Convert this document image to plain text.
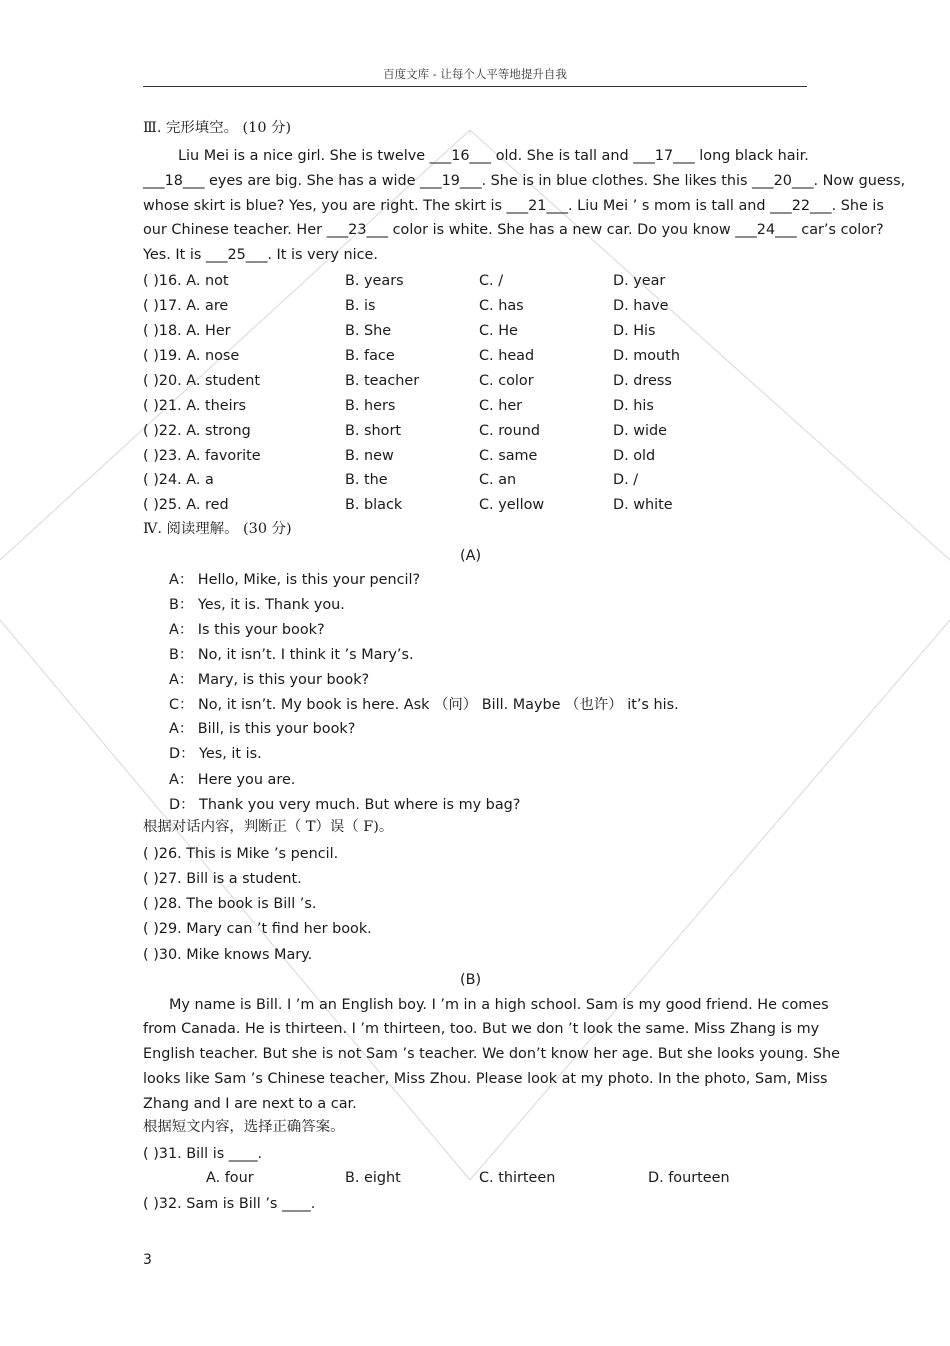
百度文库 - 让每个人平等地提升自我
Ⅲ. 完形填空。 (10 分)
Liu Mei is a nice girl. She is twelve ___16___ old. She is tall and ___17___ long black hair.
___18___ eyes are big. She has a wide ___19___. She is in blue clothes. She likes this ___20___. Now guess,
whose skirt is blue? Yes, you are right. The skirt is ___21___. Liu Mei ’ s mom is tall and ___22___. She is
our Chinese teacher. Her ___23___ color is white. She has a new car. Do you know ___24___ car’s color?
Yes. It is ___25___. It is very nice.
( )16. A. not	B. years	C. /	D. year
( )17. A. are	B. is	C. has	D. have
( )18. A. Her	B. She	C. He	D. His
( )19. A. nose	B. face	C. head	D. mouth
( )20. A. student	B. teacher	C. color	D. dress
( )21. A. theirs	B. hers	C. her	D. his
( )22. A. strong	B. short	C. round	D. wide
( )23. A. favorite	B. new	C. same	D. old
( )24. A. a	B. the	C. an	D. /
( )25. A. red	B. black	C. yellow	D. white
Ⅳ. 阅读理解。 (30 分)
(A)
A： Hello, Mike, is this your pencil?
B： Yes, it is. Thank you.
A： Is this your book?
B： No, it isn’t. I think it ’s Mary’s.
A： Mary, is this your book?
C： No, it isn’t. My book is here. Ask （问） Bill. Maybe （也许） it’s his.
A： Bill, is this your book?
D： Yes, it is.
A： Here you are.
D： Thank you very much. But where is my bag?
根据对话内容，判断正（ T）误（ F)。
( )26. This is Mike ’s pencil.
( )27. Bill is a student.
( )28. The book is Bill ’s.
( )29. Mary can ’t find her book.
( )30. Mike knows Mary.
(B)
My name is Bill. I ’m an English boy. I ’m in a high school. Sam is my good friend. He comes
from Canada. He is thirteen. I ’m thirteen, too. But we don ’t look the same. Miss Zhang is my
English teacher. But she is not Sam ’s teacher. We don’t know her age. But she looks young. She
looks like Sam ’s Chinese teacher, Miss Zhou. Please look at my photo. In the photo, Sam, Miss
Zhang and I are next to a car.
根据短文内容，选择正确答案。
( )31. Bill is ____.
A. four	B. eight	C. thirteen	D. fourteen
( )32. Sam is Bill ’s ____.
3
